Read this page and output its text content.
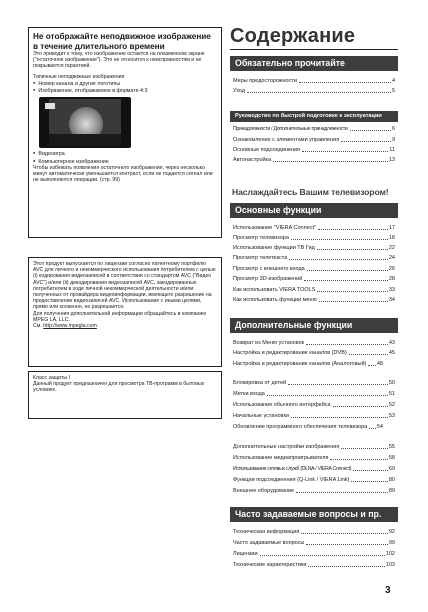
Не отображайте неподвижное изображение в течение длительного времени
Это приводит к тому, что изображение остается на плазменном экране ("остаточное изображение"). Это не относится к неисправностям и не покрывается гарантией.
Типичные неподвижные изображения
● Номер канала и другие логотипы
● Изображение, отображаемое в формате 4:3
● Видеоигра
● Компьютерное изображение
Чтобы избежать появления остаточного изображения, через несколько минут автоматически уменьшается контраст, если не подается сигнал или не выполняются операции. (стр. 99)
Этот продукт выпускается по лицензии согласно патентному портфелю AVC для личного и некоммерческого использования потребителем с целью (i) кодирования видеозаписей в соответствии со стандартом AVC ("Видео AVC") и/или (ii) декодирования видеозаписей AVC, закодированных потребителем в ходе личной некоммерческой деятельности и/или полученных от провайдера видеоинформации, имеющего разрешение на предоставление видеозаписей AVC. Использование с иными целями, прямо или косвенно, не разрешается.
Для получения дополнительной информации обращайтесь в компанию MPEG LA, LLC.
См. http://www.mpegla.com.
Класс защиты I
Данный продукт предназначен для просмотра ТВ-программ в бытовых условиях.
Содержание
Обязательно прочитайте
Меры предосторожности	4
Уход	5
Руководство по быстрой подготовке к эксплуатации
Принадлежности / Дополнительные принадлежности	6
Ознакомление с элементами управления	9
Основные подсоединения	11
Автонастройка	13
Наслаждайтесь Вашим телевизором!
Основные функции
Использование "VIERA Connect"	17
Просмотр телевизора	18
Использование функции ТВ Гид	22
Просмотр телетекста	24
Просмотр с внешнего входа	26
Просмотр 3D-изображений	28
Как использовать VIERA TOOLS	33
Как использовать функции меню	34
Дополнительные функции
Возврат из Меню установок	43
Настройка и редактирование каналов (DVB)	45
Настройка и редактирование каналов (Аналоговый) 48
Блокировка от детей	50
Метки входа	51
Использование обычного интерфейса	52
Начальные установки	53
Обновление программного обеспечения телевизора 54
Дополнительные настройки изображения	55
Использование медиапроигрывателя	58
Использование сетевых служб (DLNA / VIERA Connect)	69
Функции подсоединения (Q-Link / VIERA Link)	80
Внешнее оборудование	89
Часто задаваемые вопросы и пр.
Техническая информация	92
Часто задаваемые вопросы	99
Лицензии	102
Технические характеристики	103
3
